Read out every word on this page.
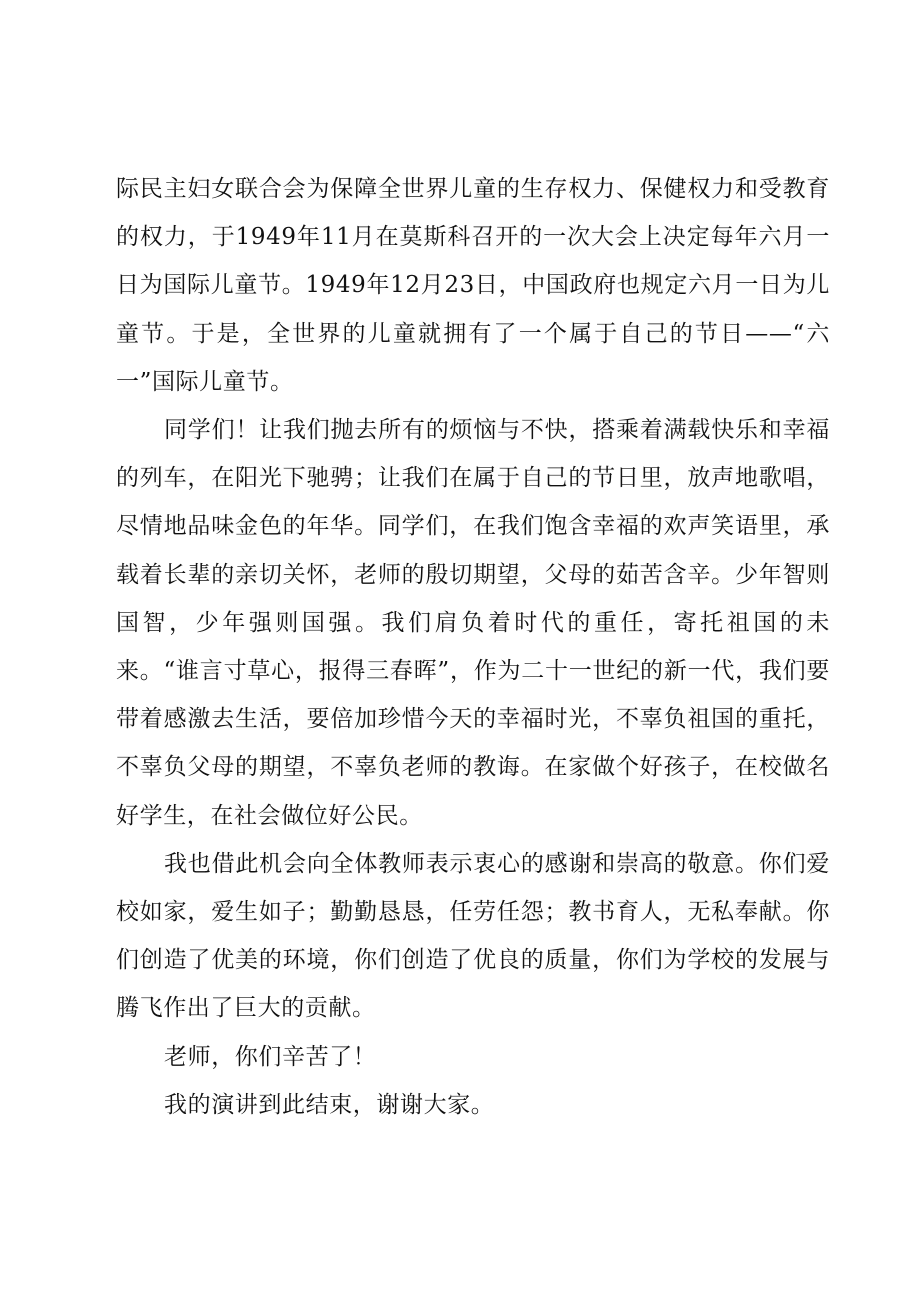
际民主妇女联合会为保障全世界儿童的生存权力、保健权力和受教育的权力，于1949年11月在莫斯科召开的一次大会上决定每年六月一日为国际儿童节。1949年12月23日，中国政府也规定六月一日为儿童节。于是，全世界的儿童就拥有了一个属于自己的节日——“六一”国际儿童节。

同学们！让我们抛去所有的烦恼与不快，搭乘着满载快乐和幸福的列车，在阳光下驰骋；让我们在属于自己的节日里，放声地歌唱，尽情地品味金色的年华。同学们，在我们饱含幸福的欢声笑语里，承载着长辈的亲切关怀，老师的殷切期望，父母的茹苦含辛。少年智则国智，少年强则国强。我们肩负着时代的重任，寄托祖国的未来。“谁言寸草心，报得三春晖”，作为二十一世纪的新一代，我们要带着感激去生活，要倍加珍惜今天的幸福时光，不辜负祖国的重托，不辜负父母的期望，不辜负老师的教诲。在家做个好孩子，在校做名好学生，在社会做位好公民。

我也借此机会向全体教师表示衷心的感谢和崇高的敬意。你们爱校如家，爱生如子；勤勤恳恳，任劳任怨；教书育人，无私奉献。你们创造了优美的环境，你们创造了优良的质量，你们为学校的发展与腾飞作出了巨大的贡献。

老师，你们辛苦了！

我的演讲到此结束，谢谢大家。
